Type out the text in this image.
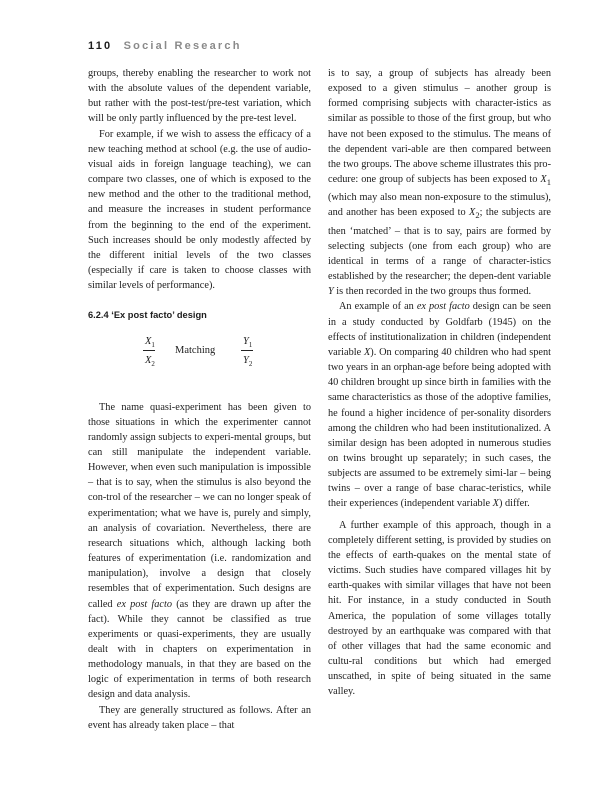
110 Social Research

groups, thereby enabling the researcher to work not with the absolute values of the dependent variable, but rather with the post-test/pre-test variation, which will be only partly influenced by the pre-test level.

For example, if we wish to assess the efficacy of a new teaching method at school (e.g. the use of audio-visual aids in foreign language teaching), we can compare two classes, one of which is exposed to the new method and the other to the traditional method, and measure the increases in student performance from the beginning to the end of the experiment. Such increases should be only modestly affected by the different initial levels of the two classes (especially if care is taken to choose classes with similar levels of performance).

6.2.4 ‘Ex post facto’ design
$X_1$
$X_2$
Matching
$Y_1$
$Y_2$

The name quasi-experiment has been given to those situations in which the experimenter cannot randomly assign subjects to experi-mental groups, but can still manipulate the independent variable. However, when even such manipulation is impossible – that is to say, when the stimulus is also beyond the con-trol of the researcher – we can no longer speak of experimentation; what we have is, purely and simply, an analysis of covariation. Nevertheless, there are research situations which, although lacking both features of experimentation (i.e. randomization and manipulation), involve a design that closely resembles that of experimentation. Such designs are called ex post facto (as they are drawn up after the fact). While they cannot be classified as true experiments or quasi-experiments, they are usually dealt with in chapters on experimentation in methodology manuals, in that they are based on the logic of experimentation in terms of both research design and data analysis.

They are generally structured as follows. After an event has already taken place – that

is to say, a group of subjects has already been exposed to a given stimulus – another group is formed comprising subjects with character-istics as similar as possible to those of the first group, but who have not been exposed to the stimulus. The means of the dependent vari-able are then compared between the two groups. The above scheme illustrates this pro-cedure: one group of subjects has been exposed to $X_1$ (which may also mean non-exposure to the stimulus), and another has been exposed to $X_2$; the subjects are then ‘matched’ – that is to say, pairs are formed by selecting subjects (one from each group) who are identical in terms of a range of character-istics established by the researcher; the depen-dent variable Y is then recorded in the two groups thus formed.

An example of an ex post facto design can be seen in a study conducted by Goldfarb (1945) on the effects of institutionalization in children (independent variable X). On comparing 40 children who had spent two years in an orphan-age before being adopted with 40 children brought up since birth in families with the same characteristics as those of the adoptive families, he found a higher incidence of per-sonality disorders among the children who had been institutionalized. A similar design has been adopted in numerous studies on twins brought up separately; in such cases, the subjects are assumed to be extremely simi-lar – being twins – over a range of base charac-teristics, while their experiences (independent variable X) differ.

A further example of this approach, though in a completely different setting, is provided by studies on the effects of earth-quakes on the mental state of victims. Such studies have compared villages hit by earth-quakes with similar villages that have not been hit. For instance, in a study conducted in South America, the population of some villages totally destroyed by an earthquake was compared with that of other villages that had the same economic and cultu-ral conditions but which had emerged unscathed, in spite of being situated in the same valley.
